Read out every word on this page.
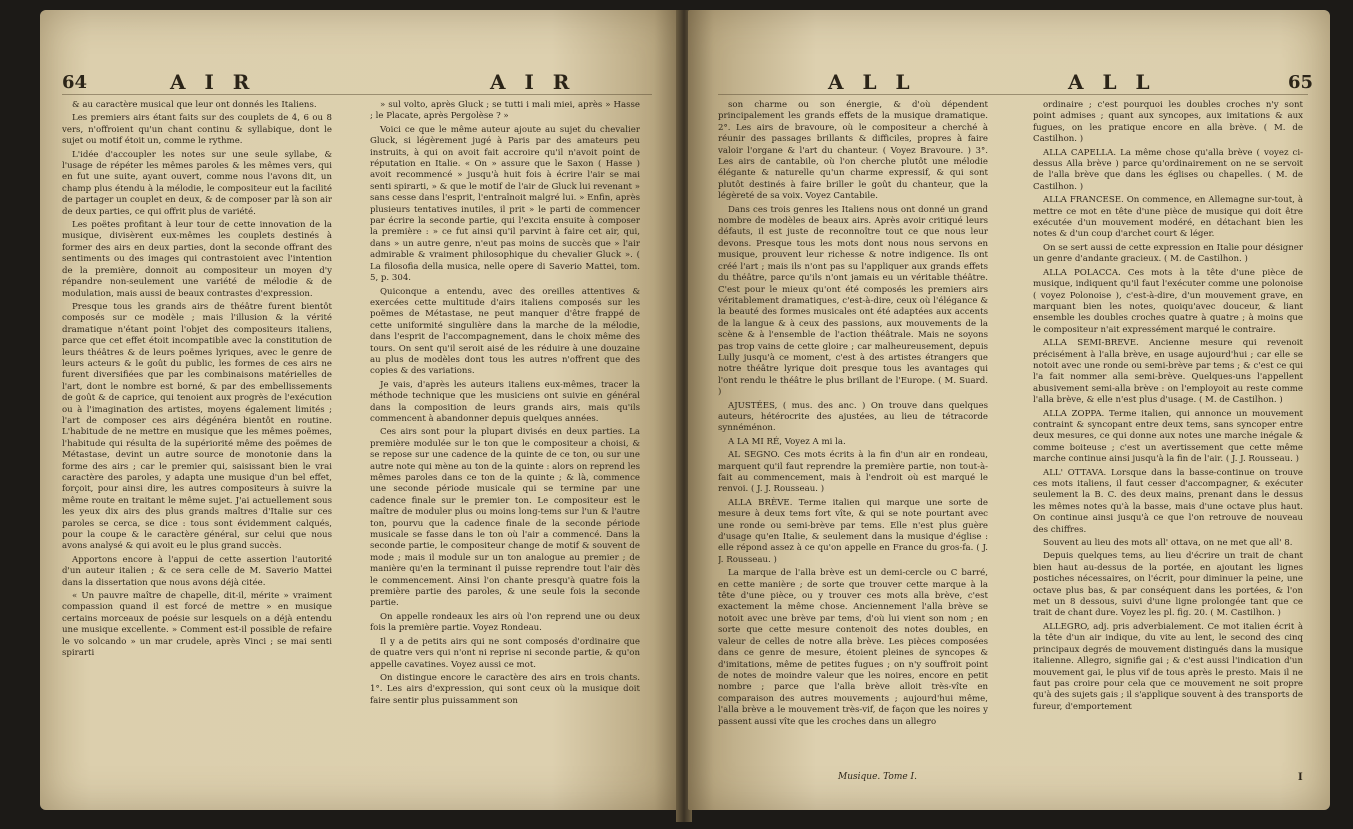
64	A I R	A I R

& au caractère musical que leur ont donnés les Italiens.

Les premiers airs étant faits sur des couplets de 4, 6 ou 8 vers, n'offroient qu'un chant continu & syllabique, dont le sujet ou motif étoit un, comme le rythme.

L'idée d'accoupler les notes sur une seule syllabe, & l'usage de répéter les mêmes paroles & les mêmes vers, qui en fut une suite, ayant ouvert, comme nous l'avons dit, un champ plus étendu à la mélodie, le compositeur eut la facilité de partager un couplet en deux, & de composer par là son air de deux parties, ce qui offrit plus de variété.

Les poëtes profitant à leur tour de cette innovation de la musique, divisèrent eux-mêmes les couplets destinés à former des airs en deux parties, dont la seconde offrant des sentiments ou des images qui contrastoient avec l'intention de la première, donnoit au compositeur un moyen d'y répandre non-seulement une variété de mélodie & de modulation, mais aussi de beaux contrastes d'expression.

Presque tous les grands airs de théâtre furent bientôt composés sur ce modèle ; mais l'illusion & la vérité dramatique n'étant point l'objet des compositeurs italiens, parce que cet effet étoit incompatible avec la constitution de leurs théâtres & de leurs poëmes lyriques, avec le genre de leurs acteurs & le goût du public, les formes de ces airs ne furent diversifiées que par les combinaisons matérielles de l'art, dont le nombre est borné, & par des embellissements de goût & de caprice, qui tenoient aux progrès de l'exécution ou à l'imagination des artistes, moyens également limités ; l'art de composer ces airs dégénéra bientôt en routine. L'habitude de ne mettre en musique que les mêmes poëmes, l'habitude qui résulta de la supériorité même des poëmes de Métastase, devint un autre source de monotonie dans la forme des airs ; car le premier qui, saisissant bien le vrai caractère des paroles, y adapta une musique d'un bel effet, forçoit, pour ainsi dire, les autres compositeurs à suivre la même route en traitant le même sujet. J'ai actuellement sous les yeux dix airs des plus grands maîtres d'Italie sur ces paroles se cerca, se dice : tous sont évidemment calqués, pour la coupe & le caractère général, sur celui que nous avons analysé & qui avoit eu le plus grand succès.

Apportons encore à l'appui de cette assertion l'autorité d'un auteur italien ; & ce sera celle de M. Saverio Mattei dans la dissertation que nous avons déjà citée.

« Un pauvre maître de chapelle, dit-il, mérite » vraiment compassion quand il est forcé de mettre » en musique certains morceaux de poésie sur lesquels on a déjà entendu une musique excellente. » Comment est-il possible de refaire le vo solcando » un mar crudele, après Vinci ; se mai senti spirarti

» sul volto, après Gluck ; se tutti i mali miei, après » Hasse ; le Placate, après Pergolèse ? »

Voici ce que le même auteur ajoute au sujet du chevalier Gluck, si légèrement jugé à Paris par des amateurs peu instruits, à qui on avoit fait accroire qu'il n'avoit point de réputation en Italie. « On » assure que le Saxon ( Hasse ) avoit recommencé » jusqu'à huit fois à écrire l'air se mai senti spirarti, » & que le motif de l'air de Gluck lui revenant » sans cesse dans l'esprit, l'entraînoit malgré lui. » Enfin, après plusieurs tentatives inutiles, il prit » le parti de commencer par écrire la seconde partie, qui l'excita ensuite à composer la première : » ce fut ainsi qu'il parvint à faire cet air, qui, dans » un autre genre, n'eut pas moins de succès que » l'air admirable & vraiment philosophique du chevalier Gluck ». ( La filosofia della musica, nelle opere di Saverio Mattei, tom. 5, p. 304.

Quiconque a entendu, avec des oreilles attentives & exercées cette multitude d'airs italiens composés sur les poëmes de Métastase, ne peut manquer d'être frappé de cette uniformité singulière dans la marche de la mélodie, dans l'esprit de l'accompagnement, dans le choix même des tours. On sent qu'il seroit aisé de les réduire à une douzaine au plus de modèles dont tous les autres n'offrent que des copies & des variations.

Je vais, d'après les auteurs italiens eux-mêmes, tracer la méthode technique que les musiciens ont suivie en général dans la composition de leurs grands airs, mais qu'ils commencent à abandonner depuis quelques années.

Ces airs sont pour la plupart divisés en deux parties. La première modulée sur le ton que le compositeur a choisi, & se repose sur une cadence de la quinte de ce ton, ou sur une autre note qui mène au ton de la quinte : alors on reprend les mêmes paroles dans ce ton de la quinte ; & là, commence une seconde période musicale qui se termine par une cadence finale sur le premier ton. Le compositeur est le maître de moduler plus ou moins long-tems sur l'un & l'autre ton, pourvu que la cadence finale de la seconde période musicale se fasse dans le ton où l'air a commencé. Dans la seconde partie, le compositeur change de motif & souvent de mode ; mais il module sur un ton analogue au premier ; de manière qu'en la terminant il puisse reprendre tout l'air dès le commencement. Ainsi l'on chante presqu'à quatre fois la première partie des paroles, & une seule fois la seconde partie.

On appelle rondeaux les airs où l'on reprend une ou deux fois la première partie. Voyez Rondeau.

Il y a de petits airs qui ne sont composés d'ordinaire que de quatre vers qui n'ont ni reprise ni seconde partie, & qu'on appelle cavatines. Voyez aussi ce mot.

On distingue encore le caractère des airs en trois chants. 1°. Les airs d'expression, qui sont ceux où la musique doit faire sentir plus puissamment son

A L L	A L L	65

son charme ou son énergie, & d'où dépendent principalement les grands effets de la musique dramatique. 2°. Les airs de bravoure, où le compositeur a cherché à réunir des passages brillants & difficiles, propres à faire valoir l'organe & l'art du chanteur. ( Voyez Bravoure. ) 3°. Les airs de cantabile, où l'on cherche plutôt une mélodie élégante & naturelle qu'un charme expressif, & qui sont plutôt destinés à faire briller le goût du chanteur, que la légèreté de sa voix. Voyez Cantabile.

Dans ces trois genres les Italiens nous ont donné un grand nombre de modèles de beaux airs. Après avoir critiqué leurs défauts, il est juste de reconnoître tout ce que nous leur devons. Presque tous les mots dont nous nous servons en musique, prouvent leur richesse & notre indigence. Ils ont créé l'art ; mais ils n'ont pas su l'appliquer aux grands effets du théâtre, parce qu'ils n'ont jamais eu un véritable théâtre. C'est pour le mieux qu'ont été composés les premiers airs véritablement dramatiques, c'est-à-dire, ceux où l'élégance & la beauté des formes musicales ont été adaptées aux accents de la langue & à ceux des passions, aux mouvements de la scène & à l'ensemble de l'action théâtrale. Mais ne soyons pas trop vains de cette gloire ; car malheureusement, depuis Lully jusqu'à ce moment, c'est à des artistes étrangers que notre théâtre lyrique doit presque tous les avantages qui l'ont rendu le théâtre le plus brillant de l'Europe. ( M. Suard. )

AJUSTÉES, ( mus. des anc. ) On trouve dans quelques auteurs, hétérocrite des ajustées, au lieu de tétracorde synnéménon.

A LA MI RÉ, Voyez A mi la.

AL SEGNO. Ces mots écrits à la fin d'un air en rondeau, marquent qu'il faut reprendre la première partie, non tout-à-fait au commencement, mais à l'endroit où est marqué le renvoi. ( J. J. Rousseau. )

ALLA BRÈVE. Terme italien qui marque une sorte de mesure à deux tems fort vîte, & qui se note pourtant avec une ronde ou semi-brève par tems. Elle n'est plus guère d'usage qu'en Italie, & seulement dans la musique d'église : elle répond assez à ce qu'on appelle en France du gros-fa. ( J. J. Rousseau. )

La marque de l'alla brève est un demi-cercle ou C barré, en cette manière ; de sorte que trouver cette marque à la tête d'une pièce, ou y trouver ces mots alla brève, c'est exactement la même chose. Anciennement l'alla brève se notoit avec une brève par tems, d'où lui vient son nom ; en sorte que cette mesure contenoit des notes doubles, en valeur de celles de notre alla brève. Les pièces composées dans ce genre de mesure, étoient pleines de syncopes & d'imitations, même de petites fugues ; on n'y souffroit point de notes de moindre valeur que les noires, encore en petit nombre ; parce que l'alla brève alloit très-vîte en comparaison des autres mouvements ; aujourd'hui même, l'alla brève a le mouvement très-vif, de façon que les noires y passent aussi vîte que les croches dans un allegro

ordinaire ; c'est pourquoi les doubles croches n'y sont point admises ; quant aux syncopes, aux imitations & aux fugues, on les pratique encore en alla brève. ( M. de Castilhon. )

ALLA CAPELLA. La même chose qu'alla brève ( voyez ci-dessus Alla brève ) parce qu'ordinairement on ne se servoit de l'alla brève que dans les églises ou chapelles. ( M. de Castilhon. )

ALLA FRANCESE. On commence, en Allemagne sur-tout, à mettre ce mot en tête d'une pièce de musique qui doit être exécutée d'un mouvement modéré, en détachant bien les notes & d'un coup d'archet court & léger.

On se sert aussi de cette expression en Italie pour désigner un genre d'andante gracieux. ( M. de Castilhon. )

ALLA POLACCA. Ces mots à la tête d'une pièce de musique, indiquent qu'il faut l'exécuter comme une polonoise ( voyez Polonoise ), c'est-à-dire, d'un mouvement grave, en marquant bien les notes, quoiqu'avec douceur, & liant ensemble les doubles croches quatre à quatre ; à moins que le compositeur n'ait expressément marqué le contraire.

ALLA SEMI-BREVE. Ancienne mesure qui revenoit précisément à l'alla brève, en usage aujourd'hui ; car elle se notoit avec une ronde ou semi-brève par tems ; & c'est ce qui l'a fait nommer alla semi-brève. Quelques-uns l'appellent abusivement semi-alla brève : on l'employoit au reste comme l'alla brève, & elle n'est plus d'usage. ( M. de Castilhon. )

ALLA ZOPPA. Terme italien, qui annonce un mouvement contraint & syncopant entre deux tems, sans syncoper entre deux mesures, ce qui donne aux notes une marche inégale & comme boiteuse ; c'est un avertissement que cette même marche continue ainsi jusqu'à la fin de l'air. ( J. J. Rousseau. )

ALL' OTTAVA. Lorsque dans la basse-continue on trouve ces mots italiens, il faut cesser d'accompagner, & exécuter seulement la B. C. des deux mains, prenant dans le dessus les mêmes notes qu'à la basse, mais d'une octave plus haut. On continue ainsi jusqu'à ce que l'on retrouve de nouveau des chiffres.

Souvent au lieu des mots all' ottava, on ne met que all' 8.

Depuis quelques tems, au lieu d'écrire un trait de chant bien haut au-dessus de la portée, en ajoutant les lignes postiches nécessaires, on l'écrit, pour diminuer la peine, une octave plus bas, & par conséquent dans les portées, & l'on met un 8 dessous, suivi d'une ligne prolongée tant que ce trait de chant dure. Voyez les pl. fig. 20. ( M. Castilhon. )

ALLEGRO, adj. pris adverbialement. Ce mot italien écrit à la tête d'un air indique, du vite au lent, le second des cinq principaux degrés de mouvement distingués dans la musique italienne. Allegro, signifie gai ; & c'est aussi l'indication d'un mouvement gai, le plus vif de tous après le presto. Mais il ne faut pas croire pour cela que ce mouvement ne soit propre qu'à des sujets gais ; il s'applique souvent à des transports de fureur, d'emportement

Musique. Tome I.	I
